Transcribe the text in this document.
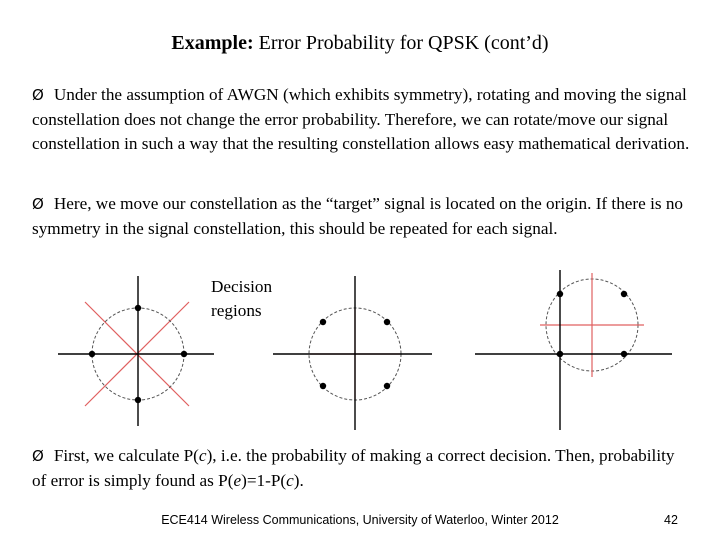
Example: Error Probability for QPSK (cont’d)
Ø Under the assumption of AWGN (which exhibits symmetry), rotating and moving the signal constellation does not change the error probability. Therefore, we can rotate/move our signal constellation in such a way that the resulting constellation allows easy mathematical derivation.
Ø Here, we move our constellation as the “target” signal is located on the origin. If there is no symmetry in the signal constellation, this should be repeated for each signal.
Decision
regions
Ø First, we calculate P(c), i.e. the probability of making a correct decision. Then, probability of error is simply found as P(e)=1-P(c).
ECE414 Wireless Communications, University of Waterloo, Winter 2012	42
